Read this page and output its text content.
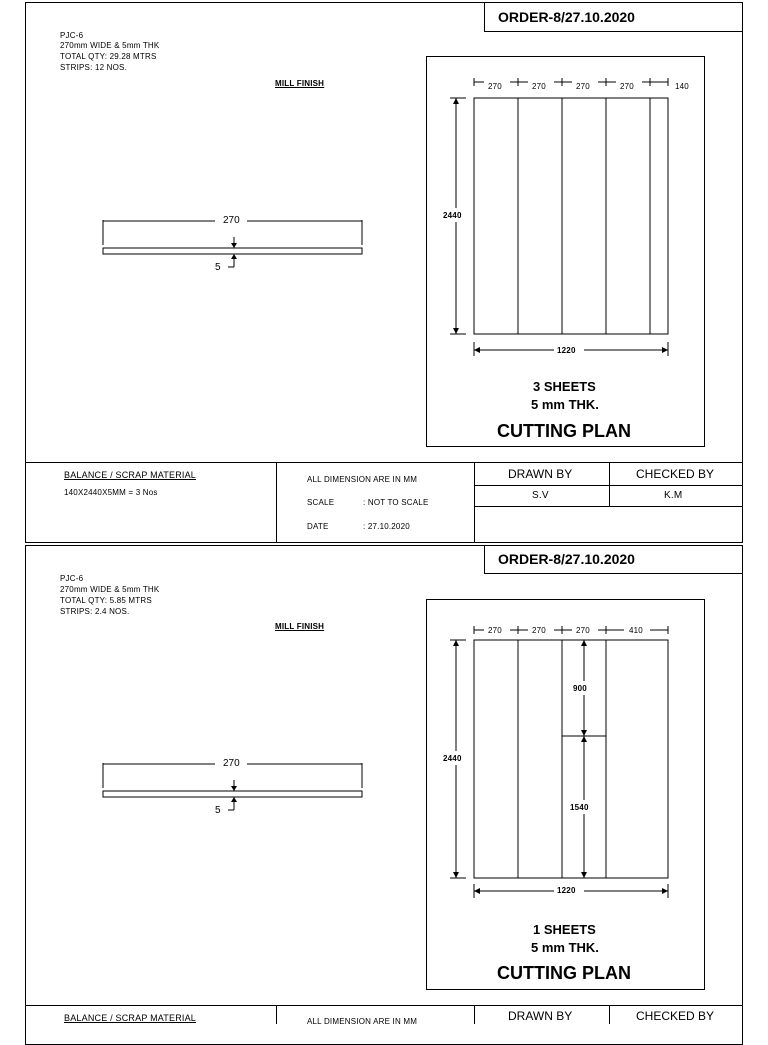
ORDER-8/27.10.2020
PJC-6
270mm WIDE & 5mm THK
TOTAL QTY: 29.28 MTRS
STRIPS: 12 NOS.
MILL FINISH
270
5
270	270	270	270	140
2440
1220
3 SHEETS
5 mm THK.
CUTTING PLAN
BALANCE / SCRAP MATERIAL
140X2440X5MM = 3 Nos
ALL DIMENSION ARE IN MM
SCALE	: NOT TO SCALE
DATE	: 27.10.2020
DRAWN BY	CHECKED BY
S.V	K.M
ORDER-8/27.10.2020
PJC-6
270mm WIDE & 5mm THK
TOTAL QTY: 5.85 MTRS
STRIPS: 2.4 NOS.
MILL FINISH
270
5
270	270	270	410
2440
900
1540
1220
1 SHEETS
5 mm THK.
CUTTING PLAN
BALANCE / SCRAP MATERIAL	ALL DIMENSION ARE IN MM	DRAWN BY	CHECKED BY
